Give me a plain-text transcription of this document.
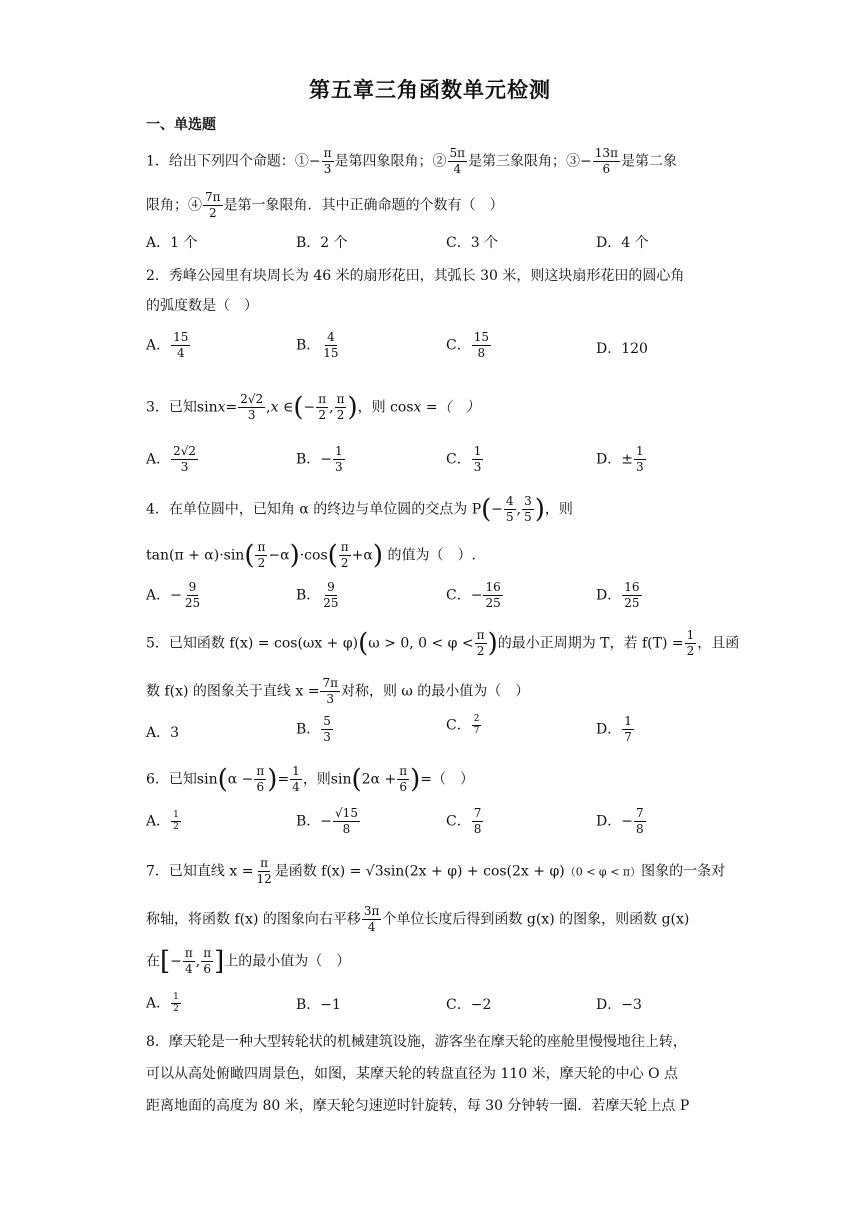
第五章三角函数单元检测
一、单选题
1．给出下列四个命题：①− $\frac{\pi}{3}$ 是第四象限角；② $\frac{5\pi}{4}$ 是第三象限角；③− $\frac{13\pi}{6}$ 是第二象
限角；④ $\frac{7\pi}{2}$ 是第一象限角．其中正确命题的个数有（　）
A．1 个	B．2 个	C．3 个	D．4 个
2．秀峰公园里有块周长为 46 米的扇形花田，其弧长 30 米，则这块扇形花田的圆心角
的弧度数是（　）
A． $\frac{15}{4}$	B． $\frac{4}{15}$	C． $\frac{15}{8}$	D．120
3．已知$\sin x= \frac{2√2}{3} ,x$ ∈(− $\frac{\pi}{2}$ , $\frac{\pi}{2}$ )，则 cosx =（　）
A． $\frac{2√2}{3}$	B．− $\frac{1}{3}$	C． $\frac{1}{3}$	D．± $\frac{1}{3}$
4．在单位圆中，已知角 α 的终边与单位圆的交点为 $P(- \frac{4}{5}$ , $\frac{3}{5}$ )，则
$\tan(\pi + \alpha)\cdot\sin( \frac{\pi}{2} -\alpha)\cdot\cos( \frac{\pi}{2} +\alpha)$ 的值为（　）.
A．− $\frac{9}{25}$	B． $\frac{9}{25}$	C．− $\frac{16}{25}$	D． $\frac{16}{25}$
5．已知函数 f(x) = cos(ωx + φ)(ω > 0, $0 < \varphi < \frac{\pi}{2}$ )的最小正周期为 T，若 $f(T) = \frac{1}{2}$ ，且函
数 f(x) 的图象关于直线 $x = \frac{7\pi}{3}$ 对称，则 ω 的最小值为（　）
A．3	B． $\frac{5}{3}$	C． $\frac{2}{7}$	D． $\frac{1}{7}$
6．已知$\sin(\alpha - \frac{\pi}{6}$ )= $\frac{1}{4}$ ，则$\sin(2\alpha + \frac{\pi}{6}$ )=（　）
A． $\frac{1}{2}$	B．− $\frac{√15}{8}$	C． $\frac{7}{8}$	D．− $\frac{7}{8}$
7．已知直线 $x = \frac{\pi}{12}$ 是函数 f(x) = √3sin(2x + φ) + cos(2x + φ)（0 < φ < π）图象的一条对
称轴，将函数 f(x) 的图象向右平移 $\frac{3\pi}{4}$ 个单位长度后得到函数 g(x) 的图象，则函数 g(x)
在[− $\frac{\pi}{4}$ , $\frac{\pi}{6}$ ]上的最小值为（　）
A． $\frac{1}{2}$	B．−1	C．−2	D．−3
8．摩天轮是一种大型转轮状的机械建筑设施，游客坐在摩天轮的座舱里慢慢地往上转，
可以从高处俯瞰四周景色，如图，某摩天轮的转盘直径为 110 米，摩天轮的中心 O 点
距离地面的高度为 80 米，摩天轮匀速逆时针旋转，每 30 分钟转一圈．若摩天轮上点 P
